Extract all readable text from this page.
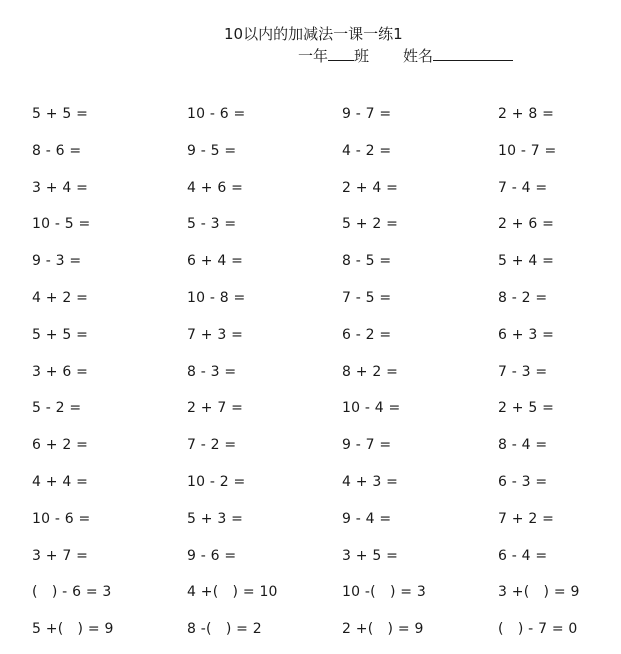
10以内的加减法一课一练1
一年 班 姓名
5 + 5 =	10 - 6 =	9 - 7 =	2 + 8 =
8 - 6 =	9 - 5 =	4 - 2 =	10 - 7 =
3 + 4 =	4 + 6 =	2 + 4 =	7 - 4 =
10 - 5 =	5 - 3 =	5 + 2 =	2 + 6 =
9 - 3 =	6 + 4 =	8 - 5 =	5 + 4 =
4 + 2 =	10 - 8 =	7 - 5 =	8 - 2 =
5 + 5 =	7 + 3 =	6 - 2 =	6 + 3 =
3 + 6 =	8 - 3 =	8 + 2 =	7 - 3 =
5 - 2 =	2 + 7 =	10 - 4 =	2 + 5 =
6 + 2 =	7 - 2 =	9 - 7 =	8 - 4 =
4 + 4 =	10 - 2 =	4 + 3 =	6 - 3 =
10 - 6 =	5 + 3 =	9 - 4 =	7 + 2 =
3 + 7 =	9 - 6 =	3 + 5 =	6 - 4 =
(　) - 6 = 3	4 +(　) = 10	10 -(　) = 3	3 +(　) = 9
5 +(　) = 9	8 -(　) = 2	2 +(　) = 9	(　) - 7 = 0
